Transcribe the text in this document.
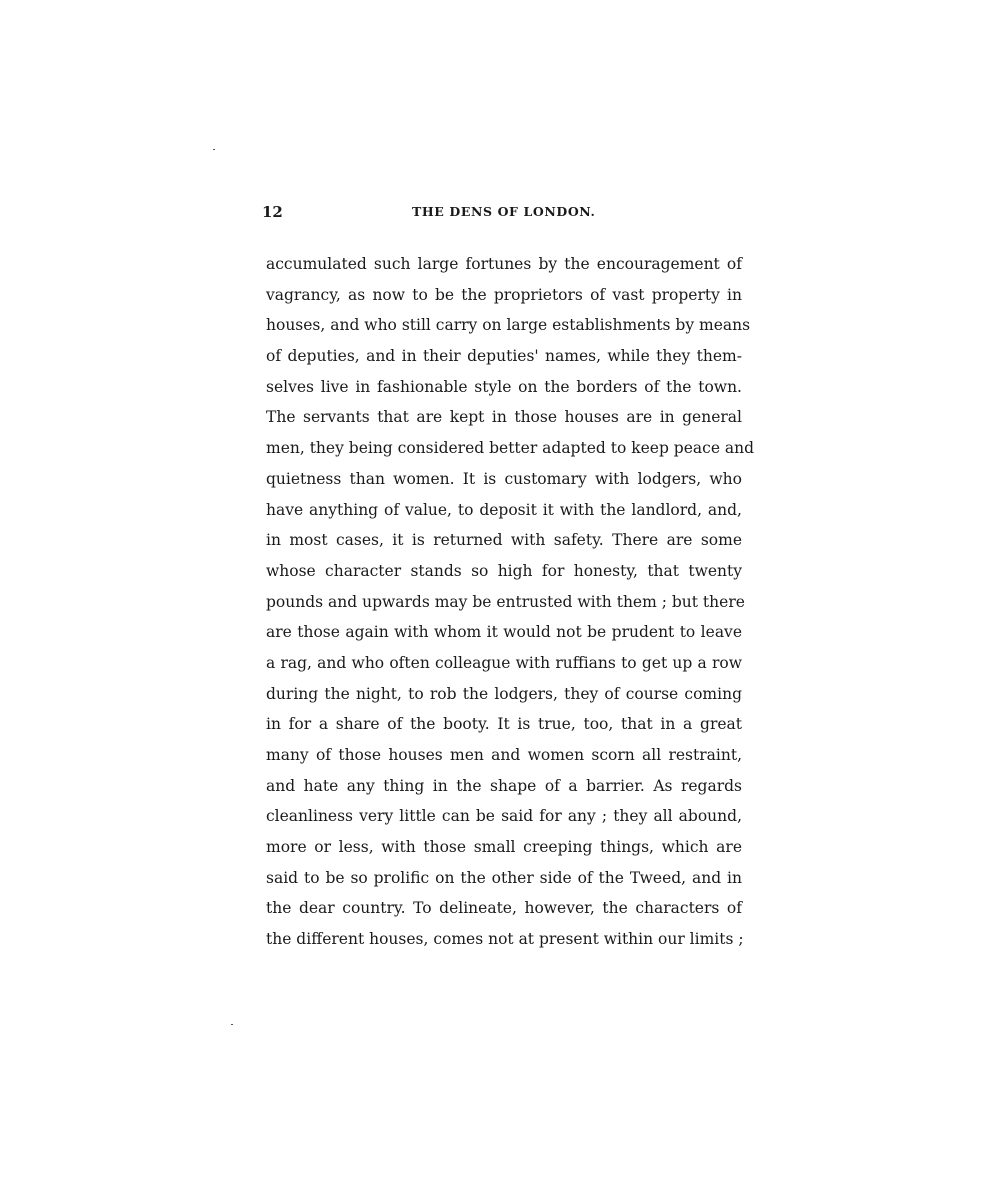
12	THE DENS OF LONDON.
accumulated such large fortunes by the encouragement of
vagrancy, as now to be the proprietors of vast property in
houses, and who still carry on large establishments by means
of deputies, and in their deputies' names, while they them-
selves live in fashionable style on the borders of the town.
The servants that are kept in those houses are in general
men, they being considered better adapted to keep peace and
quietness than women. It is customary with lodgers, who
have anything of value, to deposit it with the landlord, and,
in most cases, it is returned with safety. There are some
whose character stands so high for honesty, that twenty
pounds and upwards may be entrusted with them ; but there
are those again with whom it would not be prudent to leave
a rag, and who often colleague with ruffians to get up a row
during the night, to rob the lodgers, they of course coming
in for a share of the booty. It is true, too, that in a great
many of those houses men and women scorn all restraint,
and hate any thing in the shape of a barrier. As regards
cleanliness very little can be said for any ; they all abound,
more or less, with those small creeping things, which are
said to be so prolific on the other side of the Tweed, and in
the dear country. To delineate, however, the characters of
the different houses, comes not at present within our limits ;
